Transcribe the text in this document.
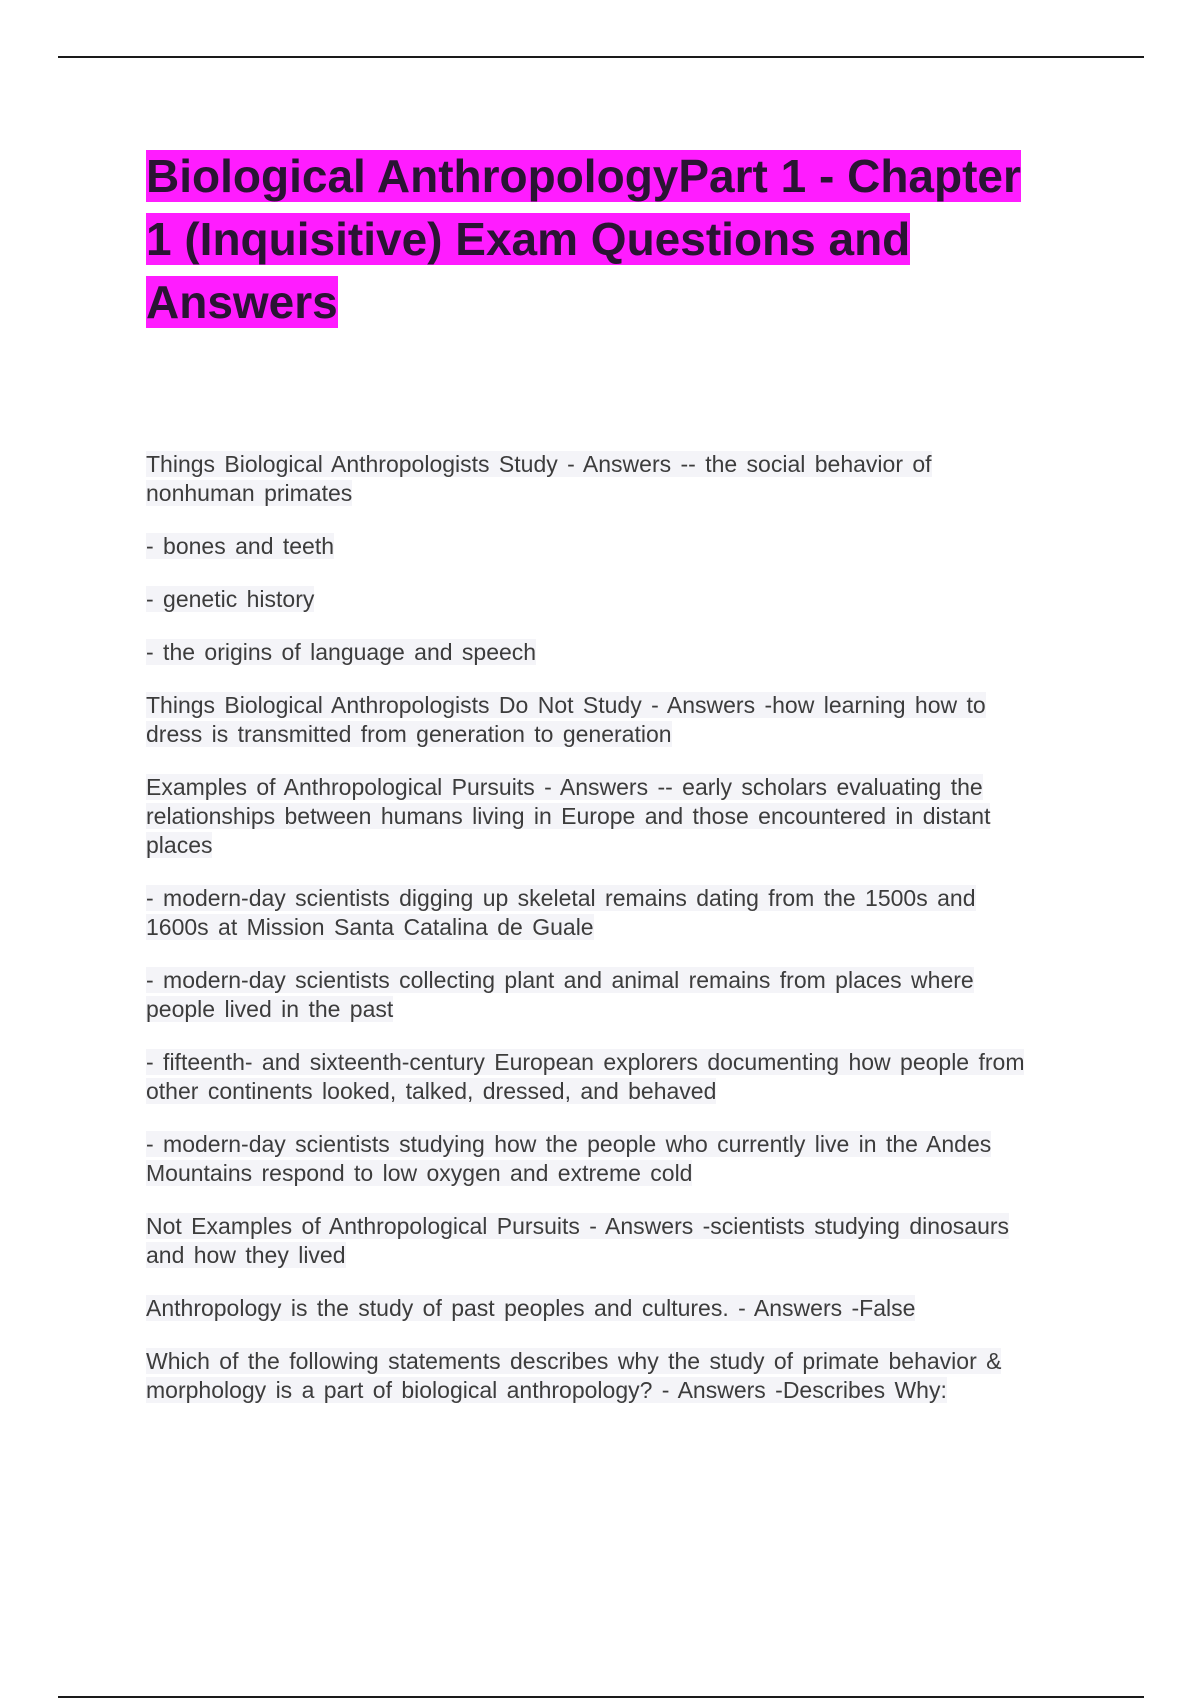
Biological AnthropologyPart 1 - Chapter
1 (Inquisitive) Exam Questions and
Answers

Things Biological Anthropologists Study - Answers -- the social behavior of
nonhuman primates

- bones and teeth

- genetic history

- the origins of language and speech

Things Biological Anthropologists Do Not Study - Answers -how learning how to
dress is transmitted from generation to generation

Examples of Anthropological Pursuits - Answers -- early scholars evaluating the
relationships between humans living in Europe and those encountered in distant
places

- modern-day scientists digging up skeletal remains dating from the 1500s and
1600s at Mission Santa Catalina de Guale

- modern-day scientists collecting plant and animal remains from places where
people lived in the past

- fifteenth- and sixteenth-century European explorers documenting how people from
other continents looked, talked, dressed, and behaved

- modern-day scientists studying how the people who currently live in the Andes
Mountains respond to low oxygen and extreme cold

Not Examples of Anthropological Pursuits - Answers -scientists studying dinosaurs
and how they lived

Anthropology is the study of past peoples and cultures. - Answers -False

Which of the following statements describes why the study of primate behavior &
morphology is a part of biological anthropology? - Answers -Describes Why:
